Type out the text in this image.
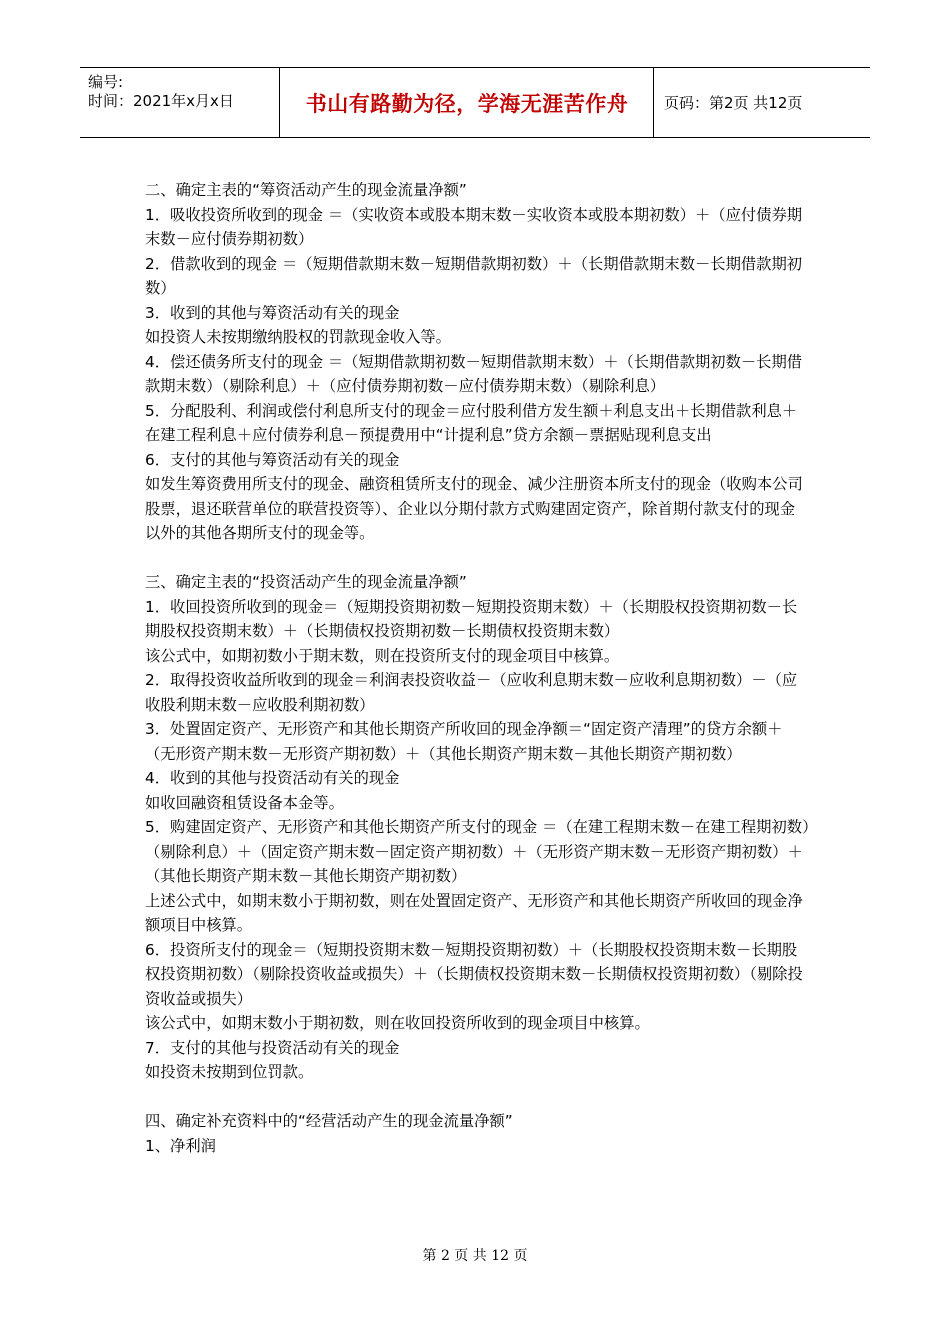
编号:
时间：2021年x月x日	书山有路勤为径，学海无涯苦作舟	页码：第2页 共12页

二、确定主表的“筹资活动产生的现金流量净额”

1．吸收投资所收到的现金 ＝（实收资本或股本期末数－实收资本或股本期初数）＋（应付债券期末数－应付债券期初数）

2．借款收到的现金 ＝（短期借款期末数－短期借款期初数）＋（长期借款期末数－长期借款期初数）

3．收到的其他与筹资活动有关的现金

如投资人未按期缴纳股权的罚款现金收入等。

4．偿还债务所支付的现金 ＝（短期借款期初数－短期借款期末数）＋（长期借款期初数－长期借款期末数）（剔除利息）＋（应付债券期初数－应付债券期末数）（剔除利息）

5．分配股利、利润或偿付利息所支付的现金＝应付股利借方发生额＋利息支出＋长期借款利息＋在建工程利息＋应付债券利息－预提费用中“计提利息”贷方余额－票据贴现利息支出

6．支付的其他与筹资活动有关的现金

如发生筹资费用所支付的现金、融资租赁所支付的现金、减少注册资本所支付的现金（收购本公司股票，退还联营单位的联营投资等）、企业以分期付款方式购建固定资产，除首期付款支付的现金以外的其他各期所支付的现金等。

三、确定主表的“投资活动产生的现金流量净额”

1．收回投资所收到的现金＝（短期投资期初数－短期投资期末数）＋（长期股权投资期初数－长期股权投资期末数）＋（长期债权投资期初数－长期债权投资期末数）

该公式中，如期初数小于期末数，则在投资所支付的现金项目中核算。

2．取得投资收益所收到的现金＝利润表投资收益－（应收利息期末数－应收利息期初数）－（应收股利期末数－应收股利期初数）

3．处置固定资产、无形资产和其他长期资产所收回的现金净额＝“固定资产清理”的贷方余额＋（无形资产期末数－无形资产期初数）＋（其他长期资产期末数－其他长期资产期初数）

4．收到的其他与投资活动有关的现金

如收回融资租赁设备本金等。

5．购建固定资产、无形资产和其他长期资产所支付的现金 ＝（在建工程期末数－在建工程期初数）（剔除利息）＋（固定资产期末数－固定资产期初数）＋（无形资产期末数－无形资产期初数）＋（其他长期资产期末数－其他长期资产期初数）

上述公式中，如期末数小于期初数，则在处置固定资产、无形资产和其他长期资产所收回的现金净额项目中核算。

6．投资所支付的现金＝（短期投资期末数－短期投资期初数）＋（长期股权投资期末数－长期股权投资期初数）（剔除投资收益或损失）＋（长期债权投资期末数－长期债权投资期初数）（剔除投资收益或损失）

该公式中，如期末数小于期初数，则在收回投资所收到的现金项目中核算。

7．支付的其他与投资活动有关的现金

如投资未按期到位罚款。

四、确定补充资料中的“经营活动产生的现金流量净额”

1、净利润

第 2 页 共 12 页
